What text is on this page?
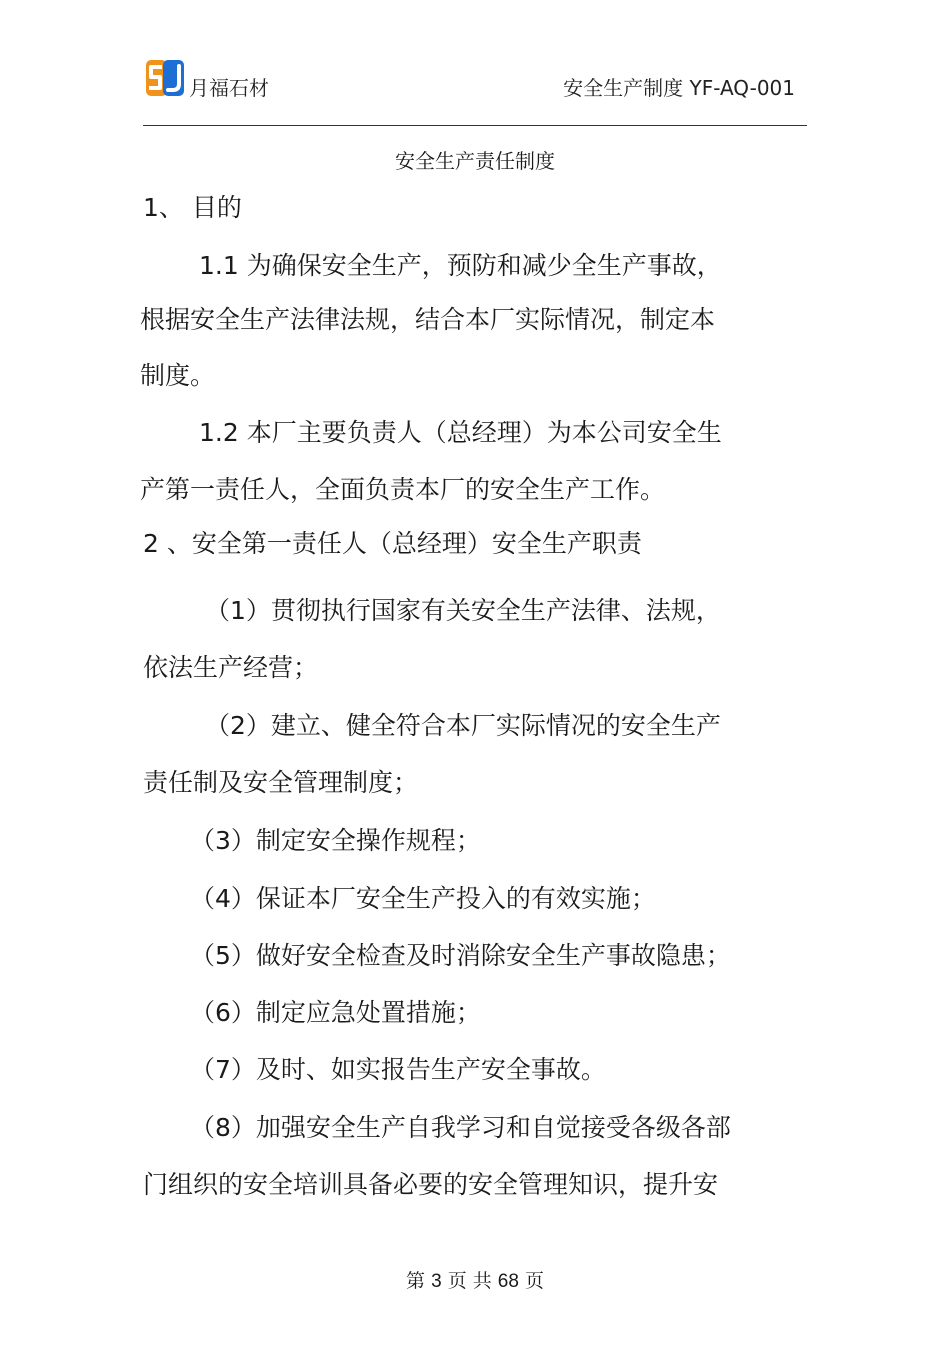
月福石材	安全生产制度 YF-AQ-001
安全生产责任制度
1、 目的
1.1 为确保安全生产，预防和减少全生产事故，
根据安全生产法律法规，结合本厂实际情况，制定本
制度。
1.2 本厂主要负责人（总经理）为本公司安全生
产第一责任人，全面负责本厂的安全生产工作。
2 、安全第一责任人（总经理）安全生产职责
（1）贯彻执行国家有关安全生产法律、法规，
依法生产经营；
（2）建立、健全符合本厂实际情况的安全生产
责任制及安全管理制度；
（3）制定安全操作规程；
（4）保证本厂安全生产投入的有效实施；
（5）做好安全检查及时消除安全生产事故隐患；
（6）制定应急处置措施；
（7）及时、如实报告生产安全事故。
（8）加强安全生产自我学习和自觉接受各级各部
门组织的安全培训具备必要的安全管理知识，提升安
第 3 页 共 68 页
